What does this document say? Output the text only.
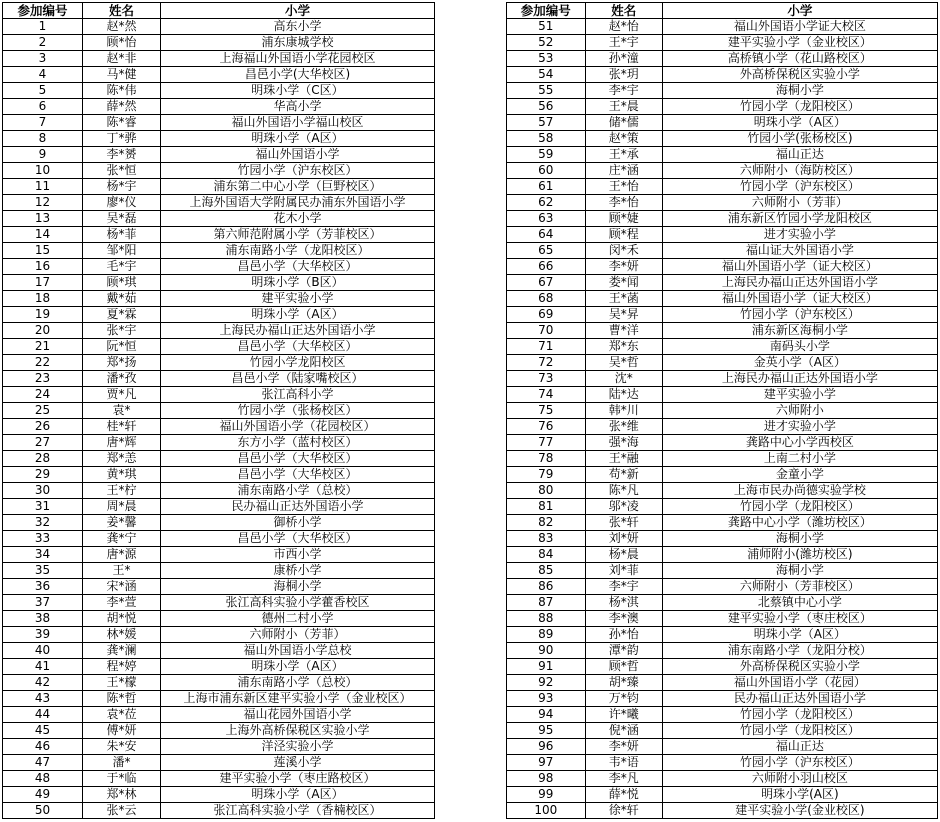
参加编号	姓名	小学
1	赵*然	高东小学
2	顾*怡	浦东康城学校
3	赵*非	上海福山外国语小学花园校区
4	马*健	昌邑小学(大华校区)
5	陈*伟	明珠小学（C区）
6	薛*然	华高小学
7	陈*睿	福山外国语小学福山校区
8	丁*骅	明珠小学（A区）
9	李*赟	福山外国语小学
10	张*恒	竹园小学（沪东校区）
11	杨*宇	浦东第二中心小学（巨野校区）
12	廖*仪	上海外国语大学附属民办浦东外国语小学
13	吴*磊	花木小学
14	杨*菲	第六师范附属小学（芳菲校区）
15	邹*阳	浦东南路小学（龙阳校区）
16	毛*宇	昌邑小学（大华校区）
17	顾*琪	明珠小学（B区）
18	戴*茹	建平实验小学
19	夏*霖	明珠小学（A区）
20	张*宇	上海民办福山正达外国语小学
21	阮*恒	昌邑小学（大华校区）
22	郑*扬	竹园小学龙阳校区
23	潘*孜	昌邑小学（陆家嘴校区）
24	贾*凡	张江高科小学
25	袁*	竹园小学（张杨校区）
26	桂*轩	福山外国语小学（花园校区）
27	唐*辉	东方小学（蓝村校区）
28	郑*恙	昌邑小学（大华校区）
29	黄*琪	昌邑小学（大华校区）
30	王*柠	浦东南路小学（总校）
31	周*晨	民办福山正达外国语小学
32	姜*馨	御桥小学
33	龚*宁	昌邑小学（大华校区）
34	唐*源	市西小学
35	王*	康桥小学
36	宋*涵	海桐小学
37	李*萱	张江高科实验小学藿香校区
38	胡*悦	德州二村小学
39	林*媛	六师附小（芳菲）
40	龚*澜	福山外国语小学总校
41	程*婷	明珠小学（A区）
42	王*檬	浦东南路小学（总校）
43	陈*哲	上海市浦东新区建平实验小学（金业校区）
44	袁*莅	福山花园外国语小学
45	傅*妍	上海外高桥保税区实验小学
46	朱*安	洋泾实验小学
47	潘*	莲溪小学
48	于*临	建平实验小学（枣庄路校区）
49	郑*林	明珠小学（A区）
50	张*云	张江高科实验小学（香楠校区）
参加编号	姓名	小学
51	赵*怡	福山外国语小学证大校区
52	王*宇	建平实验小学（金业校区）
53	孙*潼	高桥镇小学（花山路校区）
54	张*玥	外高桥保税区实验小学
55	李*宇	海桐小学
56	王*晨	竹园小学（龙阳校区）
57	储*儒	明珠小学（A区）
58	赵*策	竹园小学(张杨校区)
59	王*承	福山正达
60	庄*涵	六师附小（海防校区）
61	王*怡	竹园小学（沪东校区）
62	李*怡	六师附小（芳菲）
63	顾*婕	浦东新区竹园小学龙阳校区
64	顾*程	进才实验小学
65	闵*禾	福山证大外国语小学
66	李*妍	福山外国语小学（证大校区）
67	娄*闻	上海民办福山正达外国语小学
68	王*菡	福山外国语小学（证大校区）
69	吴*昇	竹园小学（沪东校区）
70	曹*洋	浦东新区海桐小学
71	郑*东	南码头小学
72	吴*哲	金英小学（A区）
73	沈*	上海民办福山正达外国语小学
74	陆*达	建平实验小学
75	韩*川	六师附小
76	张*维	进才实验小学
77	强*海	龚路中心小学西校区
78	王*融	上南二村小学
79	苟*新	金童小学
80	陈*凡	上海市民办尚德实验学校
81	邬*凌	竹园小学（龙阳校区）
82	张*轩	龚路中心小学（潍坊校区）
83	刘*妍	海桐小学
84	杨*晨	浦师附小(潍坊校区)
85	刘*菲	海桐小学
86	李*宇	六师附小（芳菲校区）
87	杨*淇	北蔡镇中心小学
88	李*澳	建平实验小学（枣庄校区）
89	孙*怡	明珠小学（A区）
90	潭*韵	浦东南路小学（龙阳分校）
91	顾*哲	外高桥保税区实验小学
92	胡*臻	福山外国语小学（花园）
93	万*钧	民办福山正达外国语小学
94	许*曦	竹园小学（龙阳校区）
95	倪*涵	竹园小学（龙阳校区）
96	李*妍	福山正达
97	韦*语	竹园小学（沪东校区）
98	李*凡	六师附小羽山校区
99	薛*悦	明珠小学(A区)
100	徐*轩	建平实验小学(金业校区)
